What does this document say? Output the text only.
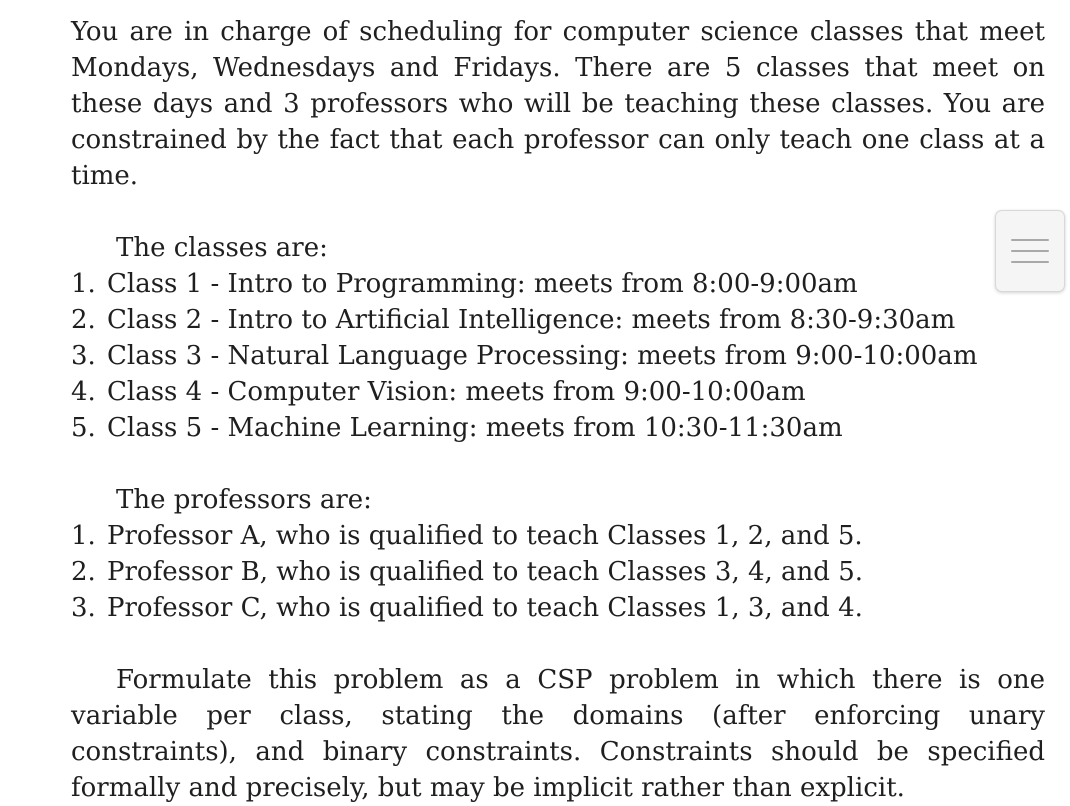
You are in charge of scheduling for computer science classes that meet Mondays, Wednesdays and Fridays. There are 5 classes that meet on these days and 3 professors who will be teaching these classes. You are constrained by the fact that each professor can only teach one class at a time.

The classes are:

1. Class 1 - Intro to Programming: meets from 8:00-9:00am
2. Class 2 - Intro to Artificial Intelligence: meets from 8:30-9:30am
3. Class 3 - Natural Language Processing: meets from 9:00-10:00am
4. Class 4 - Computer Vision: meets from 9:00-10:00am
5. Class 5 - Machine Learning: meets from 10:30-11:30am

The professors are:

1. Professor A, who is qualified to teach Classes 1, 2, and 5.
2. Professor B, who is qualified to teach Classes 3, 4, and 5.
3. Professor C, who is qualified to teach Classes 1, 3, and 4.

Formulate this problem as a CSP problem in which there is one variable per class, stating the domains (after enforcing unary constraints), and binary constraints. Constraints should be specified formally and precisely, but may be implicit rather than explicit.
